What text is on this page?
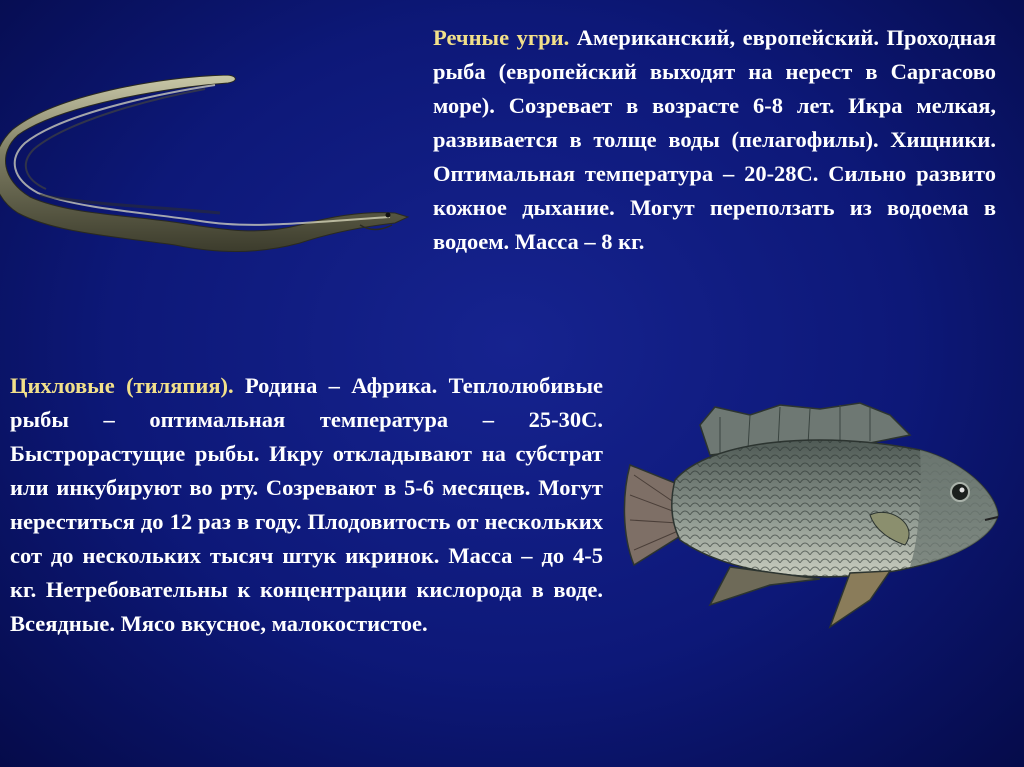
Речные угри. Американский, европейский. Проходная рыба (европейский выходят на нерест в Саргасово море). Созревает в возрасте 6-8 лет. Икра мелкая, развивается в толще воды (пелагофилы). Хищники. Оптимальная температура – 20-28С. Сильно развито кожное дыхание. Могут переползать из водоема в водоем. Масса – 8 кг.

Цихловые (тиляпия). Родина – Африка. Теплолюбивые рыбы – оптимальная температура – 25-30С. Быстрорастущие рыбы. Икру откладывают на субстрат или инкубируют во рту. Созревают в 5-6 месяцев. Могут нереститься до 12 раз в году. Плодовитость от нескольких сот до нескольких тысяч штук икринок. Масса – до 4-5 кг. Нетребовательны к концентрации кислорода в воде. Всеядные. Мясо вкусное, малокостистое.
